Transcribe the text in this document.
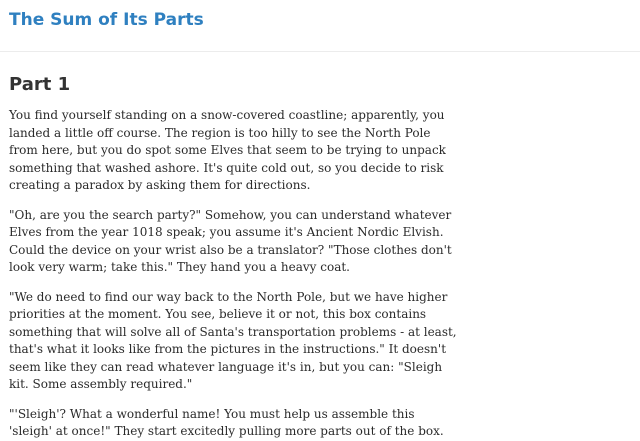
The Sum of Its Parts
Part 1

You find yourself standing on a snow-covered coastline; apparently, you
landed a little off course. The region is too hilly to see the North Pole
from here, but you do spot some Elves that seem to be trying to unpack
something that washed ashore. It's quite cold out, so you decide to risk
creating a paradox by asking them for directions.

"Oh, are you the search party?" Somehow, you can understand whatever
Elves from the year 1018 speak; you assume it's Ancient Nordic Elvish.
Could the device on your wrist also be a translator? "Those clothes don't
look very warm; take this." They hand you a heavy coat.

"We do need to find our way back to the North Pole, but we have higher
priorities at the moment. You see, believe it or not, this box contains
something that will solve all of Santa's transportation problems - at least,
that's what it looks like from the pictures in the instructions." It doesn't
seem like they can read whatever language it's in, but you can: "Sleigh
kit. Some assembly required."

"'Sleigh'? What a wonderful name! You must help us assemble this
'sleigh' at once!" They start excitedly pulling more parts out of the box.
